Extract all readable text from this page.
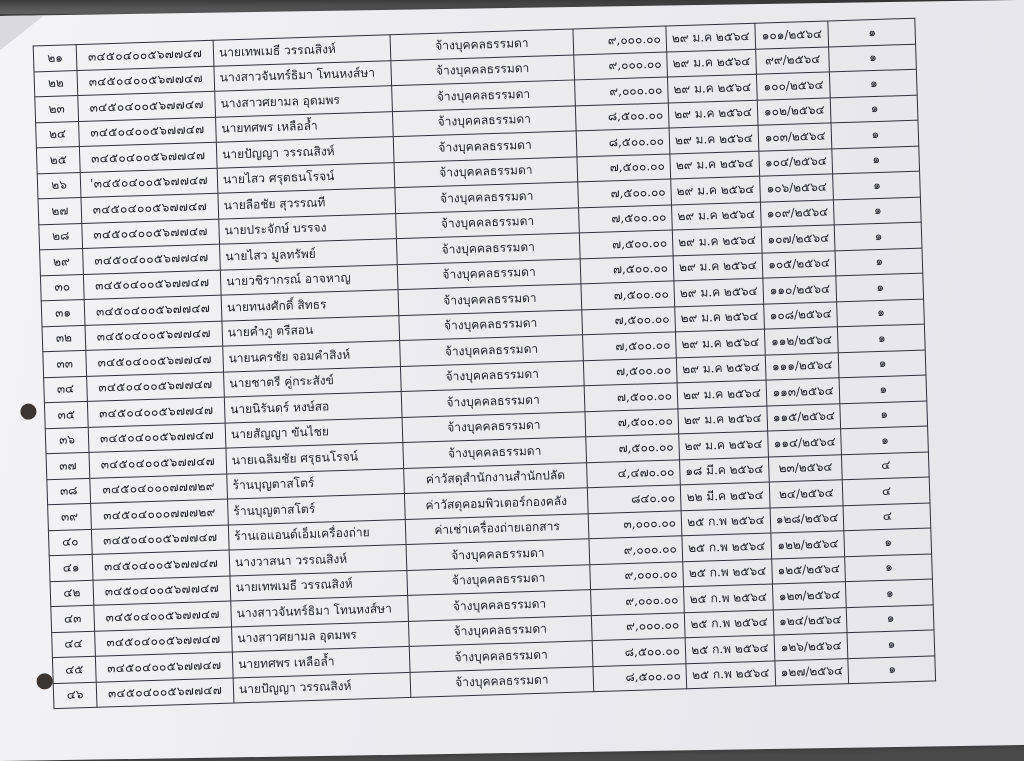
๒๑	๓๔๕๐๔๐๐๕๖๗๗๔๗	นายเทพเมธี วรรณสิงห์	จ้างบุคคลธรรมดา	๙,๐๐๐.๐๐	๒๙ ม.ค ๒๕๖๔	๑๐๑/๒๕๖๔	๑
๒๒	๓๔๕๐๔๐๐๕๖๗๗๔๗	นางสาวจันทร์ธิมา โทนหงส์ษา	จ้างบุคคลธรรมดา	๙,๐๐๐.๐๐	๒๙ ม.ค ๒๕๖๔	๙๙/๒๕๖๔	๑
๒๓	๓๔๕๐๔๐๐๕๖๗๗๔๗	นางสาวศยามล อุดมพร	จ้างบุคคลธรรมดา	๙,๐๐๐.๐๐	๒๙ ม.ค ๒๕๖๔	๑๐๐/๒๕๖๔	๑
๒๔	๓๔๕๐๔๐๐๕๖๗๗๔๗	นายทศพร เหลือล้ำ	จ้างบุคคลธรรมดา	๘,๕๐๐.๐๐	๒๙ ม.ค ๒๕๖๔	๑๐๒/๒๕๖๔	๑
๒๕	๓๔๕๐๔๐๐๕๖๗๗๔๗	นายปัญญา วรรณสิงห์	จ้างบุคคลธรรมดา	๘,๕๐๐.๐๐	๒๙ ม.ค ๒๕๖๔	๑๐๓/๒๕๖๔	๑
๒๖	'๓๔๕๐๔๐๐๕๖๗๗๔๗	นายไสว ศรุตธนโรจน์	จ้างบุคคลธรรมดา	๗,๕๐๐.๐๐	๒๙ ม.ค ๒๕๖๔	๑๐๔/๒๕๖๔	๑
๒๗	๓๔๕๐๔๐๐๕๖๗๗๔๗	นายลือชัย สุวรรณที	จ้างบุคคลธรรมดา	๗,๕๐๐.๐๐	๒๙ ม.ค ๒๕๖๔	๑๐๖/๒๕๖๔	๑
๒๘	๓๔๕๐๔๐๐๕๖๗๗๔๗	นายประจักษ์ บรรจง	จ้างบุคคลธรรมดา	๗,๕๐๐.๐๐	๒๙ ม.ค ๒๕๖๔	๑๐๙/๒๕๖๔	๑
๒๙	๓๔๕๐๔๐๐๕๖๗๗๔๗	นายไสว มูลทรัพย์	จ้างบุคคลธรรมดา	๗,๕๐๐.๐๐	๒๙ ม.ค ๒๕๖๔	๑๐๗/๒๕๖๔	๑
๓๐	๓๔๕๐๔๐๐๕๖๗๗๔๗	นายวชิรากรณ์ อาจหาญ	จ้างบุคคลธรรมดา	๗,๕๐๐.๐๐	๒๙ ม.ค ๒๕๖๔	๑๐๕/๒๕๖๔	๑
๓๑	๓๔๕๐๔๐๐๕๖๗๗๔๗	นายทนงศักดิ์ สิทธร	จ้างบุคคลธรรมดา	๗,๕๐๐.๐๐	๒๙ ม.ค ๒๕๖๔	๑๑๐/๒๕๖๔	๑
๓๒	๓๔๕๐๔๐๐๕๖๗๗๔๗	นายคำภู ตรีสอน	จ้างบุคคลธรรมดา	๗,๕๐๐.๐๐	๒๙ ม.ค ๒๕๖๔	๑๐๘/๒๕๖๔	๑
๓๓	๓๔๕๐๔๐๐๕๖๗๗๔๗	นายนครชัย จอมคำสิงห์	จ้างบุคคลธรรมดา	๗,๕๐๐.๐๐	๒๙ ม.ค ๒๕๖๔	๑๑๒/๒๕๖๔	๑
๓๔	๓๔๕๐๔๐๐๕๖๗๗๔๗	นายชาตรี คู่กระสังข์	จ้างบุคคลธรรมดา	๗,๕๐๐.๐๐	๒๙ ม.ค ๒๕๖๔	๑๑๑/๒๕๖๔	๑
๓๕	๓๔๕๐๔๐๐๕๖๗๗๔๗	นายนิรันดร์ หงษ์สอ	จ้างบุคคลธรรมดา	๗,๕๐๐.๐๐	๒๙ ม.ค ๒๕๖๔	๑๑๓/๒๕๖๔	๑
๓๖	๓๔๕๐๔๐๐๕๖๗๗๔๗	นายสัญญา ขันไชย	จ้างบุคคลธรรมดา	๗,๕๐๐.๐๐	๒๙ ม.ค ๒๕๖๔	๑๑๕/๒๕๖๔	๑
๓๗	๓๔๕๐๔๐๐๕๖๗๗๔๗	นายเฉลิมชัย ศรุธนโรจน์	จ้างบุคคลธรรมดา	๗,๕๐๐.๐๐	๒๙ ม.ค ๒๕๖๔	๑๑๔/๒๕๖๔	๑
๓๘	๓๔๕๐๔๐๐๐๗๗๗๒๙	ร้านบุญตาสโตร์	ค่าวัสดุสำนักงานสำนักปลัด	๔,๔๗๐.๐๐	๑๘ มี.ค ๒๕๖๔	๒๓/๒๕๖๔	๔
๓๙	๓๔๕๐๔๐๐๐๗๗๗๒๙	ร้านบุญตาสโตร์	ค่าวัสดุคอมพิวเตอร์กองคลัง	๘๔๐.๐๐	๒๒ มี.ค ๒๕๖๔	๒๔/๒๕๖๔	๔
๔๐	๓๔๕๐๔๐๐๕๖๗๗๔๗	ร้านเอแอนด์เอ็มเครื่องถ่าย	ค่าเช่าเครื่องถ่ายเอกสาร	๓,๐๐๐.๐๐	๒๕ ก.พ ๒๕๖๔	๑๒๘/๒๕๖๔	๔
๔๑	๓๔๕๐๔๐๐๕๖๗๗๔๗	นางวาสนา วรรณสิงห์	จ้างบุคคลธรรมดา	๙,๐๐๐.๐๐	๒๕ ก.พ ๒๕๖๔	๑๒๒/๒๕๖๔	๑
๔๒	๓๔๕๐๔๐๐๕๖๗๗๔๗	นายเทพเมธี วรรณสิงห์	จ้างบุคคลธรรมดา	๙,๐๐๐.๐๐	๒๕ ก.พ ๒๕๖๔	๑๒๕/๒๕๖๔	๑
๔๓	๓๔๕๐๔๐๐๕๖๗๗๔๗	นางสาวจันทร์ธิมา โทนหงส์ษา	จ้างบุคคลธรรมดา	๙,๐๐๐.๐๐	๒๕ ก.พ ๒๕๖๔	๑๒๓/๒๕๖๔	๑
๔๔	๓๔๕๐๔๐๐๕๖๗๗๔๗	นางสาวศยามล อุดมพร	จ้างบุคคลธรรมดา	๙,๐๐๐.๐๐	๒๕ ก.พ ๒๕๖๔	๑๒๔/๒๕๖๔	๑
๔๕	๓๔๕๐๔๐๐๕๖๗๗๔๗	นายทศพร เหลือล้ำ	จ้างบุคคลธรรมดา	๘,๕๐๐.๐๐	๒๕ ก.พ ๒๕๖๔	๑๒๖/๒๕๖๔	๑
๔๖	๓๔๕๐๔๐๐๕๖๗๗๔๗	นายปัญญา วรรณสิงห์	จ้างบุคคลธรรมดา	๘,๕๐๐.๐๐	๒๕ ก.พ ๒๕๖๔	๑๒๗/๒๕๖๔	๑
